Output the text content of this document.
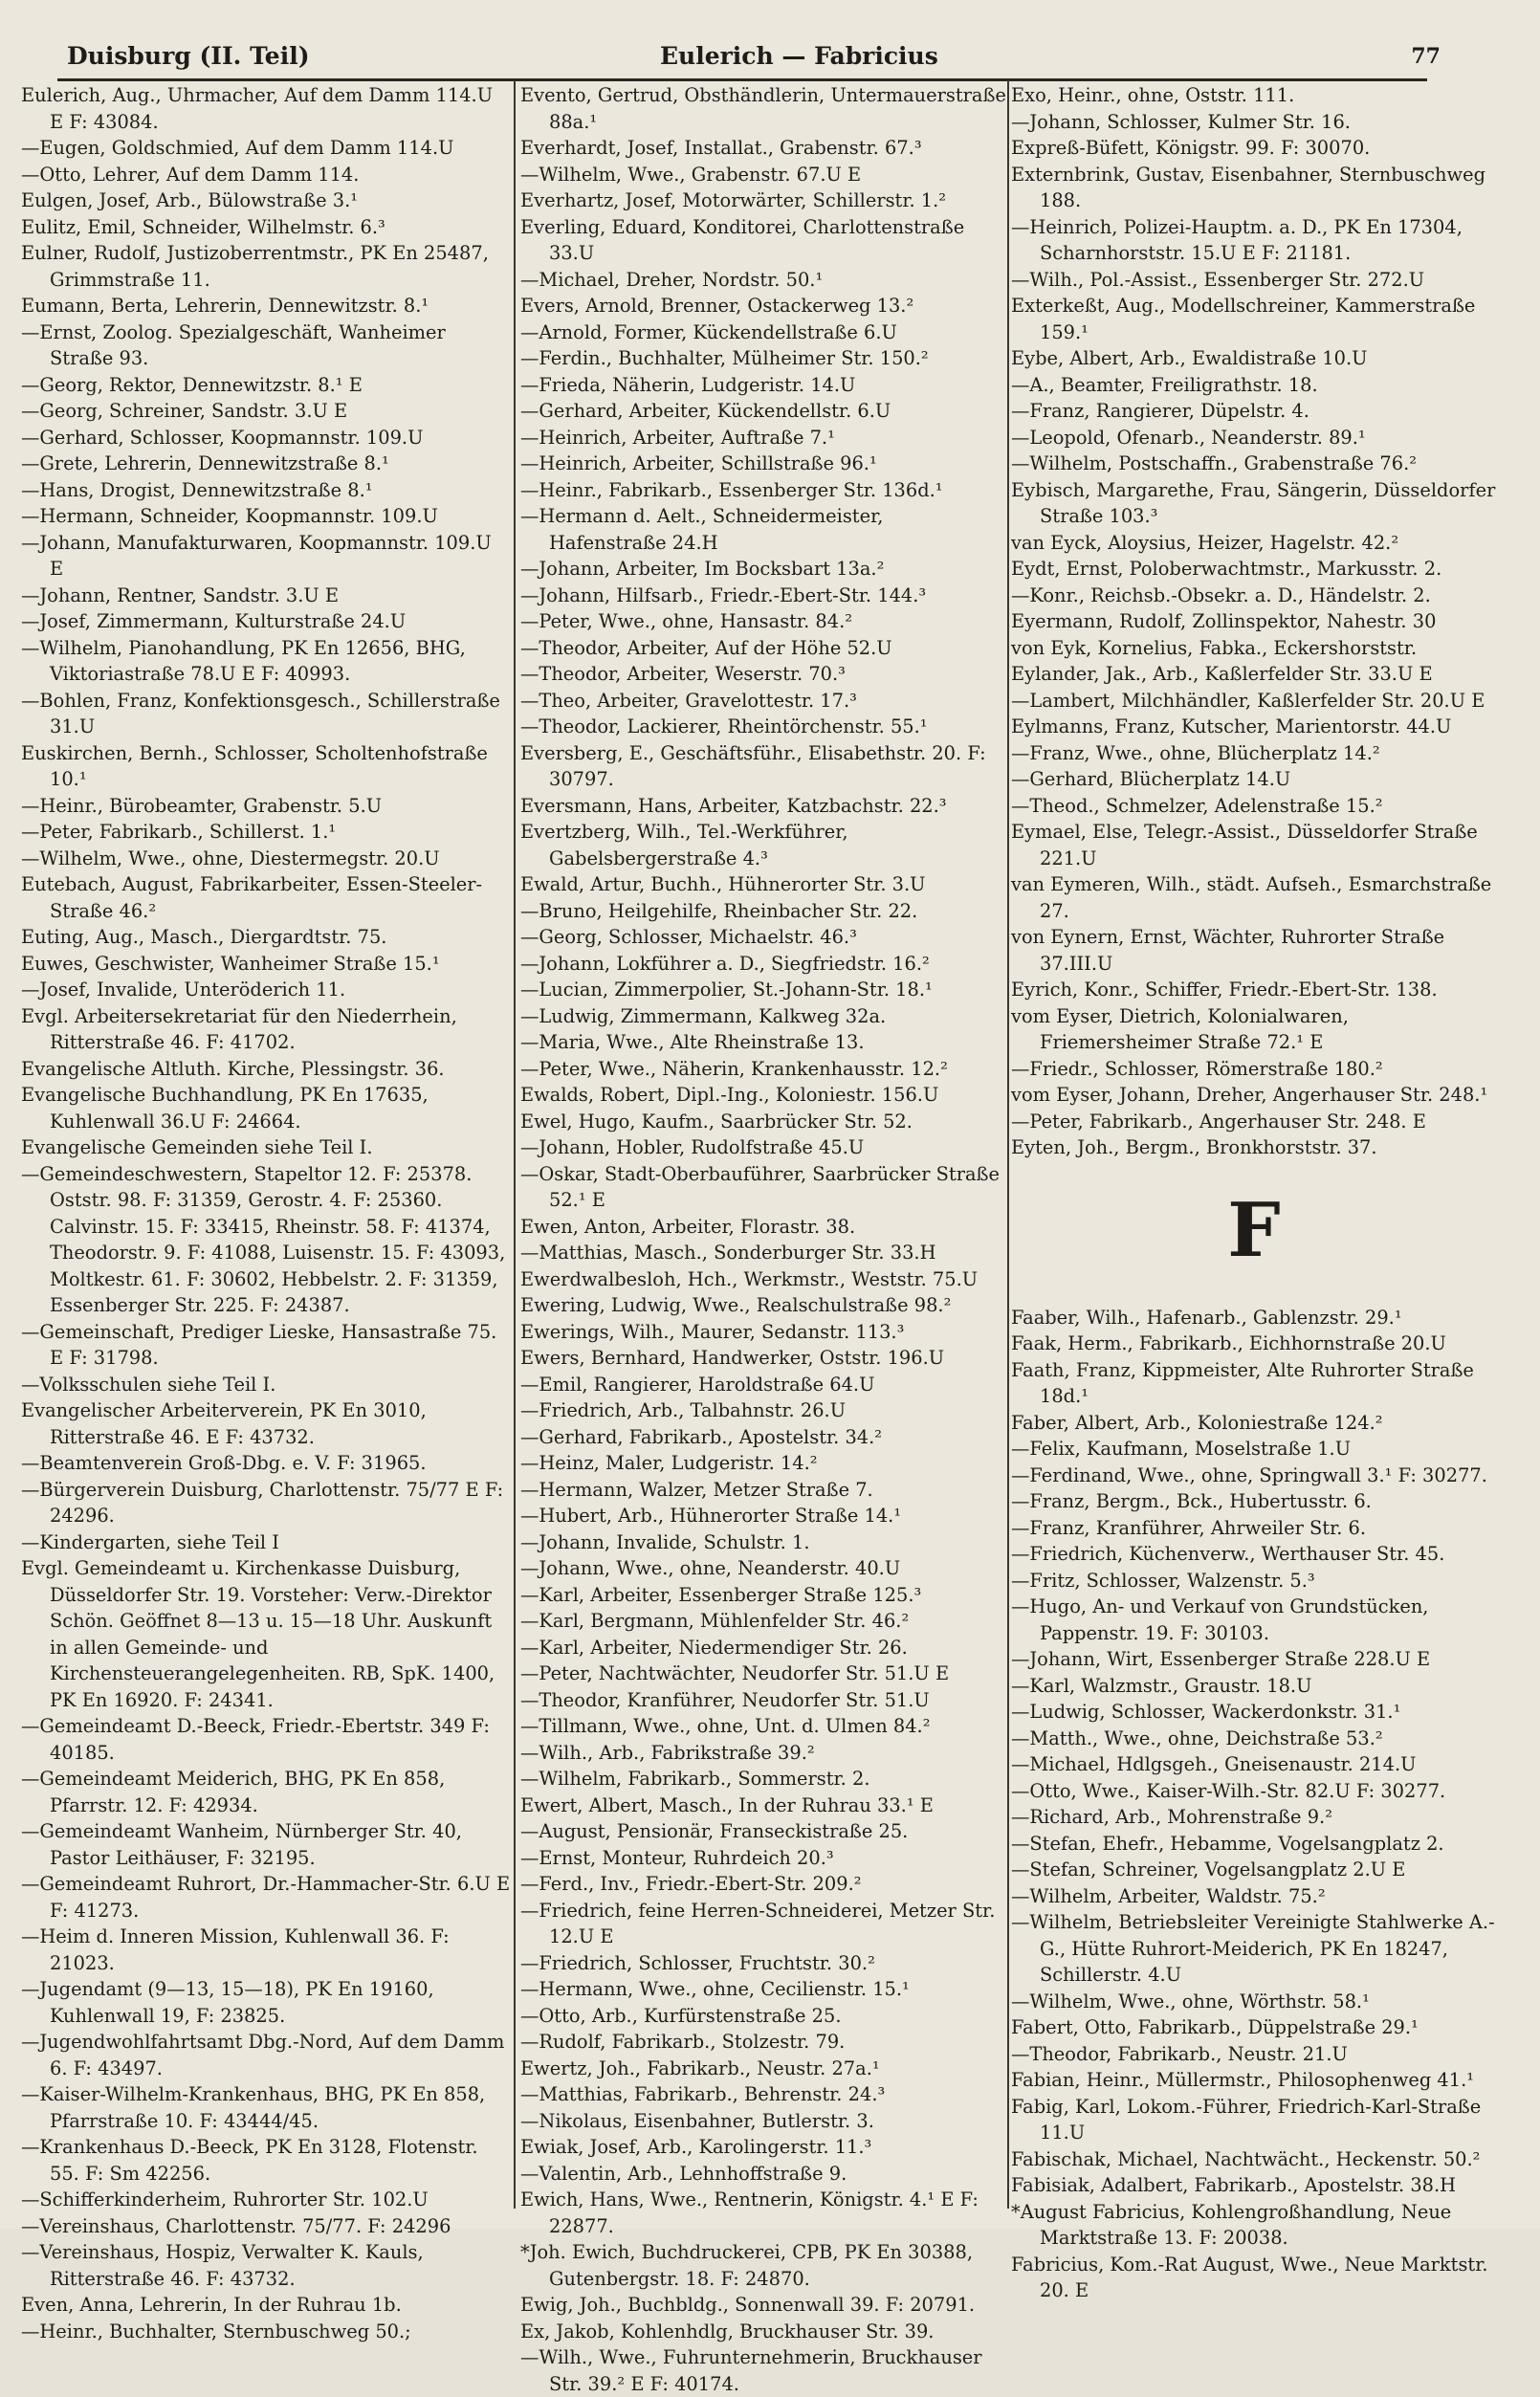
Duisburg (II. Teil)	Eulerich — Fabricius	77
Eulerich, Aug., Uhrmacher, Auf dem Damm 114.U E F: 43084.
—Eugen, Goldschmied, Auf dem Damm 114.U
—Otto, Lehrer, Auf dem Damm 114.
Eulgen, Josef, Arb., Bülowstraße 3.¹
Eulitz, Emil, Schneider, Wilhelmstr. 6.³
Eulner, Rudolf, Justizoberrentmstr., PK En 25487, Grimmstraße 11.
Eumann, Berta, Lehrerin, Dennewitzstr. 8.¹
—Ernst, Zoolog. Spezialgeschäft, Wanheimer Straße 93.
—Georg, Rektor, Dennewitzstr. 8.¹ E
—Georg, Schreiner, Sandstr. 3.U E
—Gerhard, Schlosser, Koopmannstr. 109.U
—Grete, Lehrerin, Dennewitzstraße 8.¹
—Hans, Drogist, Dennewitzstraße 8.¹
—Hermann, Schneider, Koopmannstr. 109.U
—Johann, Manufakturwaren, Koopmannstr. 109.U E
—Johann, Rentner, Sandstr. 3.U E
—Josef, Zimmermann, Kulturstraße 24.U
—Wilhelm, Pianohandlung, PK En 12656, BHG, Viktoriastraße 78.U E F: 40993.
—Bohlen, Franz, Konfektionsgesch., Schillerstraße 31.U
Euskirchen, Bernh., Schlosser, Scholtenhofstraße 10.¹
—Heinr., Bürobeamter, Grabenstr. 5.U
—Peter, Fabrikarb., Schillerst. 1.¹
—Wilhelm, Wwe., ohne, Diestermegstr. 20.U
Eutebach, August, Fabrikarbeiter, Essen-Steeler-Straße 46.²
Euting, Aug., Masch., Diergardtstr. 75.
Euwes, Geschwister, Wanheimer Straße 15.¹
—Josef, Invalide, Unteröderich 11.
Evgl. Arbeitersekretariat für den Niederrhein, Ritterstraße 46. F: 41702.
Evangelische Altluth. Kirche, Plessingstr. 36.
Evangelische Buchhandlung, PK En 17635, Kuhlenwall 36.U F: 24664.
Evangelische Gemeinden siehe Teil I.
—Gemeindeschwestern, Stapeltor 12. F: 25378. Oststr. 98. F: 31359, Gerostr. 4. F: 25360. Calvinstr. 15. F: 33415, Rheinstr. 58. F: 41374, Theodorstr. 9. F: 41088, Luisenstr. 15. F: 43093, Moltkestr. 61. F: 30602, Hebbelstr. 2. F: 31359, Essenberger Str. 225. F: 24387.
—Gemeinschaft, Prediger Lieske, Hansastraße 75. E F: 31798.
—Volksschulen siehe Teil I.
Evangelischer Arbeiterverein, PK En 3010, Ritterstraße 46. E F: 43732.
—Beamtenverein Groß-Dbg. e. V. F: 31965.
—Bürgerverein Duisburg, Charlottenstr. 75/77 E F: 24296.
—Kindergarten, siehe Teil I
Evgl. Gemeindeamt u. Kirchenkasse Duisburg, Düsseldorfer Str. 19. Vorsteher: Verw.-Direktor Schön. Geöffnet 8—13 u. 15—18 Uhr. Auskunft in allen Gemeinde- und Kirchensteuerangelegenheiten. RB, SpK. 1400, PK En 16920. F: 24341.
—Gemeindeamt D.-Beeck, Friedr.-Ebertstr. 349 F: 40185.
—Gemeindeamt Meiderich, BHG, PK En 858, Pfarrstr. 12. F: 42934.
—Gemeindeamt Wanheim, Nürnberger Str. 40, Pastor Leithäuser, F: 32195.
—Gemeindeamt Ruhrort, Dr.-Hammacher-Str. 6.U E F: 41273.
—Heim d. Inneren Mission, Kuhlenwall 36. F: 21023.
—Jugendamt (9—13, 15—18), PK En 19160, Kuhlenwall 19, F: 23825.
—Jugendwohlfahrtsamt Dbg.-Nord, Auf dem Damm 6. F: 43497.
—Kaiser-Wilhelm-Krankenhaus, BHG, PK En 858, Pfarrstraße 10. F: 43444/45.
—Krankenhaus D.-Beeck, PK En 3128, Flotenstr. 55. F: Sm 42256.
—Schifferkinderheim, Ruhrorter Str. 102.U
—Vereinshaus, Charlottenstr. 75/77. F: 24296
—Vereinshaus, Hospiz, Verwalter K. Kauls, Ritterstraße 46. F: 43732.
Even, Anna, Lehrerin, In der Ruhrau 1b.
—Heinr., Buchhalter, Sternbuschweg 50.;
Evento, Gertrud, Obsthändlerin, Untermauerstraße 88a.¹
Everhardt, Josef, Installat., Grabenstr. 67.³
—Wilhelm, Wwe., Grabenstr. 67.U E
Everhartz, Josef, Motorwärter, Schillerstr. 1.²
Everling, Eduard, Konditorei, Charlottenstraße 33.U
—Michael, Dreher, Nordstr. 50.¹
Evers, Arnold, Brenner, Ostackerweg 13.²
—Arnold, Former, Kückendellstraße 6.U
—Ferdin., Buchhalter, Mülheimer Str. 150.²
—Frieda, Näherin, Ludgeristr. 14.U
—Gerhard, Arbeiter, Kückendellstr. 6.U
—Heinrich, Arbeiter, Auftraße 7.¹
—Heinrich, Arbeiter, Schillstraße 96.¹
—Heinr., Fabrikarb., Essenberger Str. 136d.¹
—Hermann d. Aelt., Schneidermeister, Hafenstraße 24.H
—Johann, Arbeiter, Im Bocksbart 13a.²
—Johann, Hilfsarb., Friedr.-Ebert-Str. 144.³
—Peter, Wwe., ohne, Hansastr. 84.²
—Theodor, Arbeiter, Auf der Höhe 52.U
—Theodor, Arbeiter, Weserstr. 70.³
—Theo, Arbeiter, Gravelottestr. 17.³
—Theodor, Lackierer, Rheintörchenstr. 55.¹
Eversberg, E., Geschäftsführ., Elisabethstr. 20. F: 30797.
Eversmann, Hans, Arbeiter, Katzbachstr. 22.³
Evertzberg, Wilh., Tel.-Werkführer, Gabelsbergerstraße 4.³
Ewald, Artur, Buchh., Hühnerorter Str. 3.U
—Bruno, Heilgehilfe, Rheinbacher Str. 22.
—Georg, Schlosser, Michaelstr. 46.³
—Johann, Lokführer a. D., Siegfriedstr. 16.²
—Lucian, Zimmerpolier, St.-Johann-Str. 18.¹
—Ludwig, Zimmermann, Kalkweg 32a.
—Maria, Wwe., Alte Rheinstraße 13.
—Peter, Wwe., Näherin, Krankenhausstr. 12.²
Ewalds, Robert, Dipl.-Ing., Koloniestr. 156.U
Ewel, Hugo, Kaufm., Saarbrücker Str. 52.
—Johann, Hobler, Rudolfstraße 45.U
—Oskar, Stadt-Oberbauführer, Saarbrücker Straße 52.¹ E
Ewen, Anton, Arbeiter, Florastr. 38.
—Matthias, Masch., Sonderburger Str. 33.H
Ewerdwalbesloh, Hch., Werkmstr., Weststr. 75.U
Ewering, Ludwig, Wwe., Realschulstraße 98.²
Ewerings, Wilh., Maurer, Sedanstr. 113.³
Ewers, Bernhard, Handwerker, Oststr. 196.U
—Emil, Rangierer, Haroldstraße 64.U
—Friedrich, Arb., Talbahnstr. 26.U
—Gerhard, Fabrikarb., Apostelstr. 34.²
—Heinz, Maler, Ludgeristr. 14.²
—Hermann, Walzer, Metzer Straße 7.
—Hubert, Arb., Hühnerorter Straße 14.¹
—Johann, Invalide, Schulstr. 1.
—Johann, Wwe., ohne, Neanderstr. 40.U
—Karl, Arbeiter, Essenberger Straße 125.³
—Karl, Bergmann, Mühlenfelder Str. 46.²
—Karl, Arbeiter, Niedermendiger Str. 26.
—Peter, Nachtwächter, Neudorfer Str. 51.U E
—Theodor, Kranführer, Neudorfer Str. 51.U
—Tillmann, Wwe., ohne, Unt. d. Ulmen 84.²
—Wilh., Arb., Fabrikstraße 39.²
—Wilhelm, Fabrikarb., Sommerstr. 2.
Ewert, Albert, Masch., In der Ruhrau 33.¹ E
—August, Pensionär, Franseckistraße 25.
—Ernst, Monteur, Ruhrdeich 20.³
—Ferd., Inv., Friedr.-Ebert-Str. 209.²
—Friedrich, feine Herren-Schneiderei, Metzer Str. 12.U E
—Friedrich, Schlosser, Fruchtstr. 30.²
—Hermann, Wwe., ohne, Cecilienstr. 15.¹
—Otto, Arb., Kurfürstenstraße 25.
—Rudolf, Fabrikarb., Stolzestr. 79.
Ewertz, Joh., Fabrikarb., Neustr. 27a.¹
—Matthias, Fabrikarb., Behrenstr. 24.³
—Nikolaus, Eisenbahner, Butlerstr. 3.
Ewiak, Josef, Arb., Karolingerstr. 11.³
—Valentin, Arb., Lehnhoffstraße 9.
Ewich, Hans, Wwe., Rentnerin, Königstr. 4.¹ E F: 22877.
*Joh. Ewich, Buchdruckerei, CPB, PK En 30388, Gutenbergstr. 18. F: 24870.
Ewig, Joh., Buchbldg., Sonnenwall 39. F: 20791.
Ex, Jakob, Kohlenhdlg, Bruckhauser Str. 39.
—Wilh., Wwe., Fuhrunternehmerin, Bruckhauser Str. 39.² E F: 40174.
Exo, Heinr., ohne, Oststr. 111.
—Johann, Schlosser, Kulmer Str. 16.
Expreß-Büfett, Königstr. 99. F: 30070.
Externbrink, Gustav, Eisenbahner, Sternbuschweg 188.
—Heinrich, Polizei-Hauptm. a. D., PK En 17304, Scharnhorststr. 15.U E F: 21181.
—Wilh., Pol.-Assist., Essenberger Str. 272.U
Exterkeßt, Aug., Modellschreiner, Kammerstraße 159.¹
Eybe, Albert, Arb., Ewaldistraße 10.U
—A., Beamter, Freiligrathstr. 18.
—Franz, Rangierer, Düpelstr. 4.
—Leopold, Ofenarb., Neanderstr. 89.¹
—Wilhelm, Postschaffn., Grabenstraße 76.²
Eybisch, Margarethe, Frau, Sängerin, Düsseldorfer Straße 103.³
van Eyck, Aloysius, Heizer, Hagelstr. 42.²
Eydt, Ernst, Poloberwachtmstr., Markusstr. 2.
—Konr., Reichsb.-Obsekr. a. D., Händelstr. 2.
Eyermann, Rudolf, Zollinspektor, Nahestr. 30
von Eyk, Kornelius, Fabka., Eckershorststr.
Eylander, Jak., Arb., Kaßlerfelder Str. 33.U E
—Lambert, Milchhändler, Kaßlerfelder Str. 20.U E
Eylmanns, Franz, Kutscher, Marientorstr. 44.U
—Franz, Wwe., ohne, Blücherplatz 14.²
—Gerhard, Blücherplatz 14.U
—Theod., Schmelzer, Adelenstraße 15.²
Eymael, Else, Telegr.-Assist., Düsseldorfer Straße 221.U
van Eymeren, Wilh., städt. Aufseh., Esmarchstraße 27.
von Eynern, Ernst, Wächter, Ruhrorter Straße 37.III.U
Eyrich, Konr., Schiffer, Friedr.-Ebert-Str. 138.
vom Eyser, Dietrich, Kolonialwaren, Friemersheimer Straße 72.¹ E
—Friedr., Schlosser, Römerstraße 180.²
vom Eyser, Johann, Dreher, Angerhauser Str. 248.¹
—Peter, Fabrikarb., Angerhauser Str. 248. E
Eyten, Joh., Bergm., Bronkhorststr. 37.
F
Faaber, Wilh., Hafenarb., Gablenzstr. 29.¹
Faak, Herm., Fabrikarb., Eichhornstraße 20.U
Faath, Franz, Kippmeister, Alte Ruhrorter Straße 18d.¹
Faber, Albert, Arb., Koloniestraße 124.²
—Felix, Kaufmann, Moselstraße 1.U
—Ferdinand, Wwe., ohne, Springwall 3.¹ F: 30277.
—Franz, Bergm., Bck., Hubertusstr. 6.
—Franz, Kranführer, Ahrweiler Str. 6.
—Friedrich, Küchenverw., Werthauser Str. 45.
—Fritz, Schlosser, Walzenstr. 5.³
—Hugo, An- und Verkauf von Grundstücken, Pappenstr. 19. F: 30103.
—Johann, Wirt, Essenberger Straße 228.U E
—Karl, Walzmstr., Graustr. 18.U
—Ludwig, Schlosser, Wackerdonkstr. 31.¹
—Matth., Wwe., ohne, Deichstraße 53.²
—Michael, Hdlgsgeh., Gneisenaustr. 214.U
—Otto, Wwe., Kaiser-Wilh.-Str. 82.U F: 30277.
—Richard, Arb., Mohrenstraße 9.²
—Stefan, Ehefr., Hebamme, Vogelsangplatz 2.
—Stefan, Schreiner, Vogelsangplatz 2.U E
—Wilhelm, Arbeiter, Waldstr. 75.²
—Wilhelm, Betriebsleiter Vereinigte Stahlwerke A.-G., Hütte Ruhrort-Meiderich, PK En 18247, Schillerstr. 4.U
—Wilhelm, Wwe., ohne, Wörthstr. 58.¹
Fabert, Otto, Fabrikarb., Düppelstraße 29.¹
—Theodor, Fabrikarb., Neustr. 21.U
Fabian, Heinr., Müllermstr., Philosophenweg 41.¹
Fabig, Karl, Lokom.-Führer, Friedrich-Karl-Straße 11.U
Fabischak, Michael, Nachtwächt., Heckenstr. 50.²
Fabisiak, Adalbert, Fabrikarb., Apostelstr. 38.H
*August Fabricius, Kohlengroßhandlung, Neue Marktstraße 13. F: 20038.
Fabricius, Kom.-Rat August, Wwe., Neue Marktstr. 20. E
